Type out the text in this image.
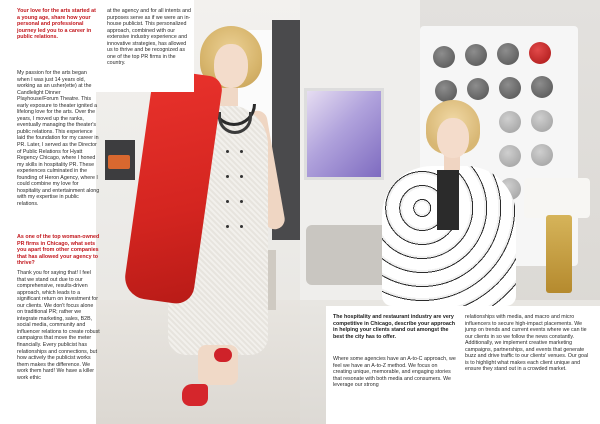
Your love for the arts started at a young age, share how your personal and professional journey led you to a career in public relations.
My passion for the arts began when I was just 14 years old, working as an usher(ette) at the Candlelight Dinner Playhouse/Forum Theatre. This early exposure to theater ignited a lifelong love for the arts. Over the years, I moved up the ranks, eventually managing the theater's public relations. This experience laid the foundation for my career in PR. Later, I served as the Director of Public Relations for Hyatt Regency Chicago, where I honed my skills in hospitality PR. These experiences culminated in the founding of Heron Agency, where I could combine my love for hospitality and entertainment along with my expertise in public relations.
As one of the top woman-owned PR firms in Chicago, what sets you apart from other companies that has allowed your agency to thrive?
Thank you for saying that! I feel that we stand out due to our comprehensive, results-driven approach, which leads to a significant return on investment for our clients. We don't focus alone on traditional PR; rather we integrate marketing, sales, B2B, social media, community and influencer relations to create robust campaigns that move the meter financially. Every publicist has relationships and connections, but how actively the publicist works them makes the difference. We work them hard! We have a killer work ethic
at the agency and for all intents and purposes serve as if we were an in-house publicist. This personalized approach, combined with our extensive industry experience and innovative strategies, has allowed us to thrive and be recognized as one of the top PR firms in the country.
The hospitality and restaurant industry are very competitive in Chicago, describe your approach in helping your clients stand out amongst the best the city has to offer.
Where some agencies have an A-to-C approach, we feel we have an A-to-Z method. We focus on creating unique, memorable, and engaging stories that resonate with both media and consumers. We leverage our strong
relationships with media, and macro and micro influencers to secure high-impact placements. We jump on trends and current events where we can tie our clients in so we follow the news constantly. Additionally, we implement creative marketing campaigns, partnerships, and events that generate buzz and drive traffic to our clients' venues. Our goal is to highlight what makes each client unique and ensure they stand out in a crowded market.
